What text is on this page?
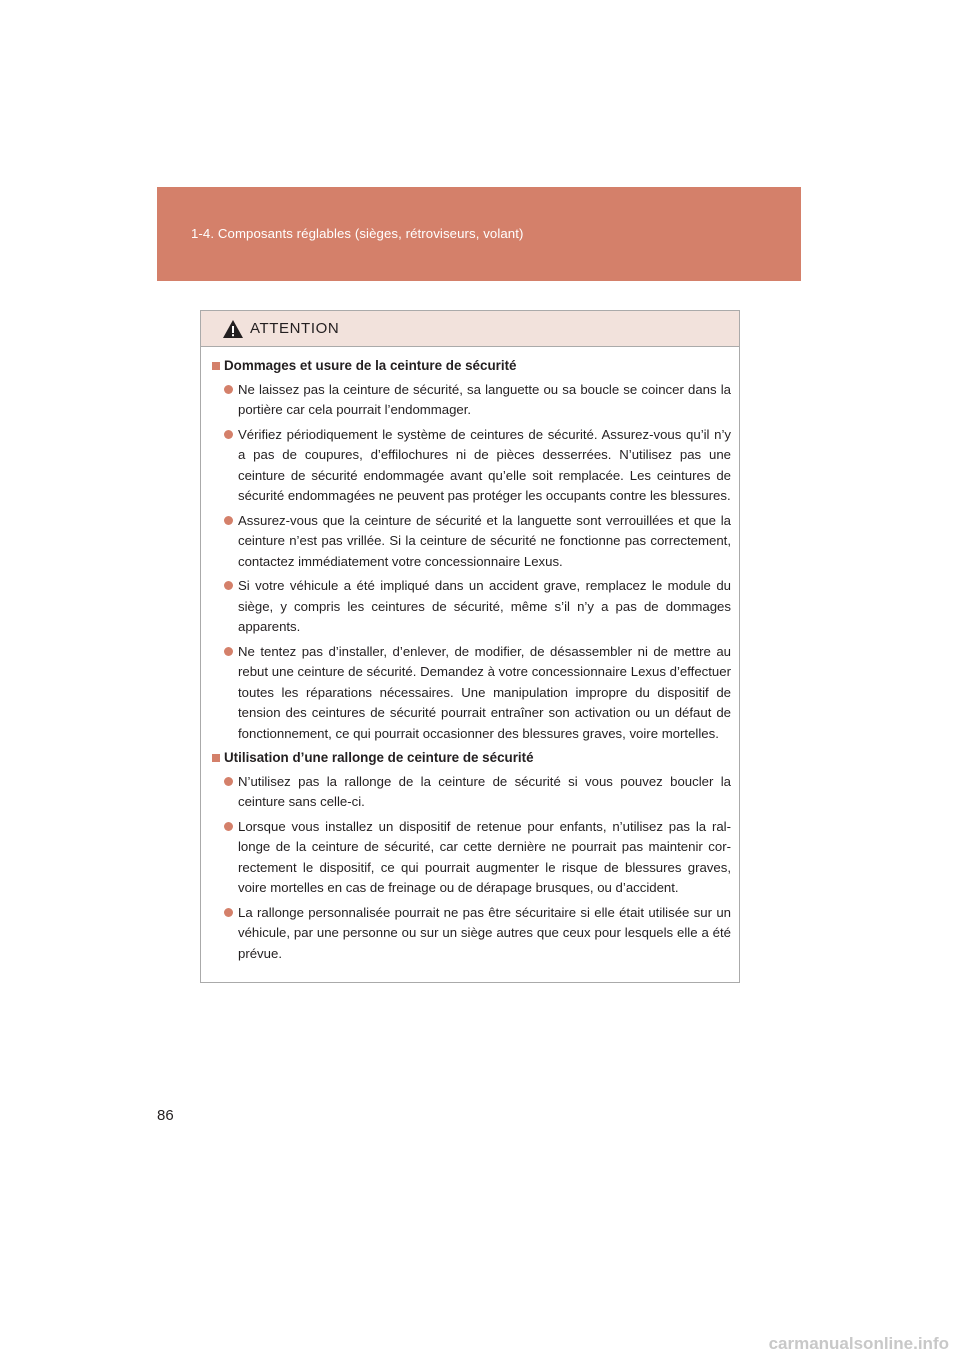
1-4. Composants réglables (sièges, rétroviseurs, volant)
ATTENTION
Dommages et usure de la ceinture de sécurité
Ne laissez pas la ceinture de sécurité, sa languette ou sa boucle se coincer dans la portière car cela pourrait l’endommager.
Vérifiez périodiquement le système de ceintures de sécurité. Assurez-vous qu’il n’y a pas de coupures, d’effilochures ni de pièces desserrées. N’utilisez pas une ceinture de sécurité endommagée avant qu’elle soit remplacée. Les ceintures de sécurité endommagées ne peuvent pas protéger les occupants contre les blessures.
Assurez-vous que la ceinture de sécurité et la languette sont verrouillées et que la ceinture n’est pas vrillée. Si la ceinture de sécurité ne fonctionne pas correctement, contactez immédiatement votre concessionnaire Lexus.
Si votre véhicule a été impliqué dans un accident grave, remplacez le module du siège, y compris les ceintures de sécurité, même s’il n’y a pas de dommages apparents.
Ne tentez pas d’installer, d’enlever, de modifier, de désassembler ni de mettre au rebut une ceinture de sécurité. Demandez à votre concessionnaire Lexus d’effectuer toutes les réparations nécessaires. Une manipulation impropre du dispositif de tension des ceintures de sécurité pourrait entraîner son activation ou un défaut de fonctionnement, ce qui pourrait occasionner des blessures graves, voire mortelles.
Utilisation d’une rallonge de ceinture de sécurité
N’utilisez pas la rallonge de la ceinture de sécurité si vous pouvez boucler la ceinture sans celle-ci.
Lorsque vous installez un dispositif de retenue pour enfants, n’utilisez pas la ral-longe de la ceinture de sécurité, car cette dernière ne pourrait pas maintenir cor-rectement le dispositif, ce qui pourrait augmenter le risque de blessures graves, voire mortelles en cas de freinage ou de dérapage brusques, ou d’accident.
La rallonge personnalisée pourrait ne pas être sécuritaire si elle était utilisée sur un véhicule, par une personne ou sur un siège autres que ceux pour lesquels elle a été prévue.
86
carmanualsonline.info
